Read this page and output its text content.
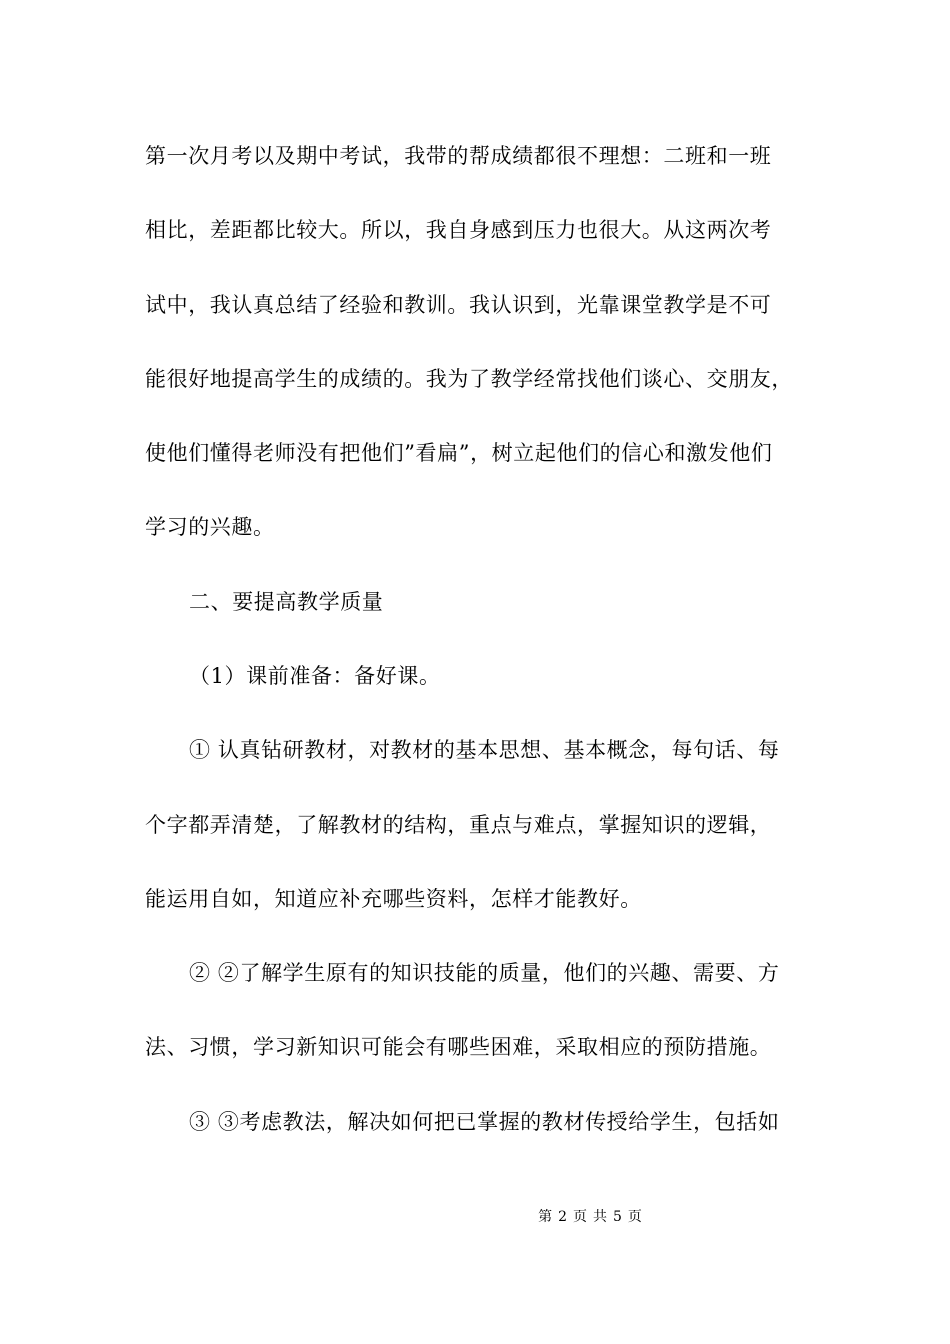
第一次月考以及期中考试，我带的帮成绩都很不理想：二班和一班
相比，差距都比较大。所以，我自身感到压力也很大。从这两次考
试中，我认真总结了经验和教训。我认识到，光靠课堂教学是不可
能很好地提高学生的成绩的。我为了教学经常找他们谈心、交朋友，
使他们懂得老师没有把他们”看扁”，树立起他们的信心和激发他们
学习的兴趣。
二、要提高教学质量
（1）课前准备：备好课。
① 认真钻研教材，对教材的基本思想、基本概念，每句话、每
个字都弄清楚，了解教材的结构，重点与难点，掌握知识的逻辑，
能运用自如，知道应补充哪些资料，怎样才能教好。
② ②了解学生原有的知识技能的质量，他们的兴趣、需要、方
法、习惯，学习新知识可能会有哪些困难，采取相应的预防措施。
③ ③考虑教法，解决如何把已掌握的教材传授给学生，包括如
第 2 页 共 5 页
